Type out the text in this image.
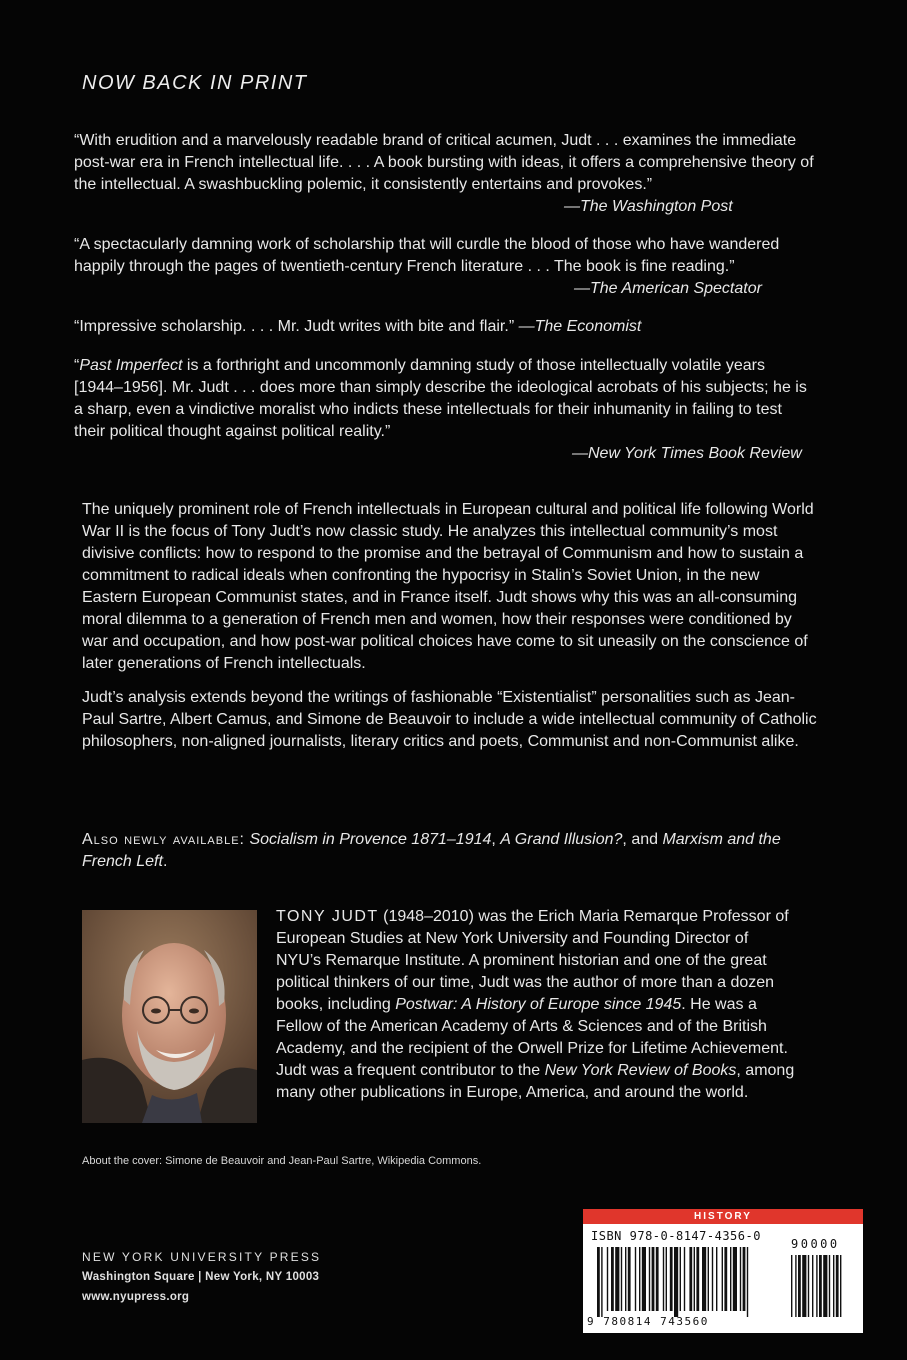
NOW BACK IN PRINT
“With erudition and a marvelously readable brand of critical acumen, Judt . . . examines the immediate post-war era in French intellectual life. . . . A book bursting with ideas, it offers a comprehensive theory of the intellectual. A swashbuckling polemic, it consistently entertains and provokes.”
—The Washington Post
“A spectacularly damning work of scholarship that will curdle the blood of those who have wandered happily through the pages of twentieth-century French literature . . . The book is fine reading.”
—The American Spectator
“Impressive scholarship. . . . Mr. Judt writes with bite and flair.” —The Economist
“Past Imperfect is a forthright and uncommonly damning study of those intellectually volatile years [1944–1956]. Mr. Judt . . . does more than simply describe the ideological acrobats of his subjects; he is a sharp, even a vindictive moralist who indicts these intellectuals for their inhumanity in failing to test their political thought against political reality.”
—New York Times Book Review

The uniquely prominent role of French intellectuals in European cultural and political life following World War II is the focus of Tony Judt’s now classic study. He analyzes this intellectual community’s most divisive conflicts: how to respond to the promise and the betrayal of Communism and how to sustain a commitment to radical ideals when confronting the hypocrisy in Stalin’s Soviet Union, in the new Eastern European Communist states, and in France itself. Judt shows why this was an all-consuming moral dilemma to a generation of French men and women, how their responses were conditioned by war and occupation, and how post-war political choices have come to sit uneasily on the conscience of later generations of French intellectuals.

Judt’s analysis extends beyond the writings of fashionable “Existentialist” personalities such as Jean-Paul Sartre, Albert Camus, and Simone de Beauvoir to include a wide intellectual community of Catholic philosophers, non-aligned journalists, literary critics and poets, Communist and non-Communist alike.

Also newly available: Socialism in Provence 1871–1914, A Grand Illusion?, and Marxism and the French Left.
TONY JUDT (1948–2010) was the Erich Maria Remarque Professor of European Studies at New York University and Founding Director of NYU’s Remarque Institute. A prominent historian and one of the great political thinkers of our time, Judt was the author of more than a dozen books, including Postwar: A History of Europe since 1945. He was a Fellow of the American Academy of Arts & Sciences and of the British Academy, and the recipient of the Orwell Prize for Lifetime Achievement. Judt was a frequent contributor to the New York Review of Books, among many other publications in Europe, America, and around the world.
About the cover: Simone de Beauvoir and Jean-Paul Sartre, Wikipedia Commons.
NEW YORK UNIVERSITY PRESS
Washington Square | New York, NY 10003
www.nyupress.org
HISTORY
ISBN 978-0-8147-4356-0
90000
9 780814 743560
